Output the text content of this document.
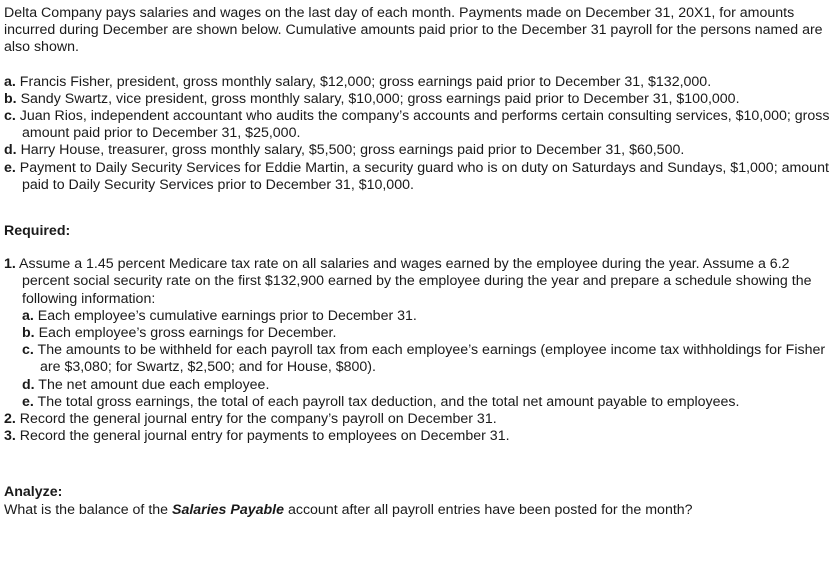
Delta Company pays salaries and wages on the last day of each month. Payments made on December 31, 20X1, for amounts incurred during December are shown below. Cumulative amounts paid prior to the December 31 payroll for the persons named are also shown.

a. Francis Fisher, president, gross monthly salary, $12,000; gross earnings paid prior to December 31, $132,000.
b. Sandy Swartz, vice president, gross monthly salary, $10,000; gross earnings paid prior to December 31, $100,000.
c. Juan Rios, independent accountant who audits the company’s accounts and performs certain consulting services, $10,000; gross amount paid prior to December 31, $25,000.
d. Harry House, treasurer, gross monthly salary, $5,500; gross earnings paid prior to December 31, $60,500.
e. Payment to Daily Security Services for Eddie Martin, a security guard who is on duty on Saturdays and Sundays, $1,000; amount paid to Daily Security Services prior to December 31, $10,000.

Required:

1. Assume a 1.45 percent Medicare tax rate on all salaries and wages earned by the employee during the year. Assume a 6.2 percent social security rate on the first $132,900 earned by the employee during the year and prepare a schedule showing the following information:
a. Each employee’s cumulative earnings prior to December 31.
b. Each employee’s gross earnings for December.
c. The amounts to be withheld for each payroll tax from each employee’s earnings (employee income tax withholdings for Fisher are $3,080; for Swartz, $2,500; and for House, $800).
d. The net amount due each employee.
e. The total gross earnings, the total of each payroll tax deduction, and the total net amount payable to employees.
2. Record the general journal entry for the company’s payroll on December 31.
3. Record the general journal entry for payments to employees on December 31.

Analyze:

What is the balance of the Salaries Payable account after all payroll entries have been posted for the month?
